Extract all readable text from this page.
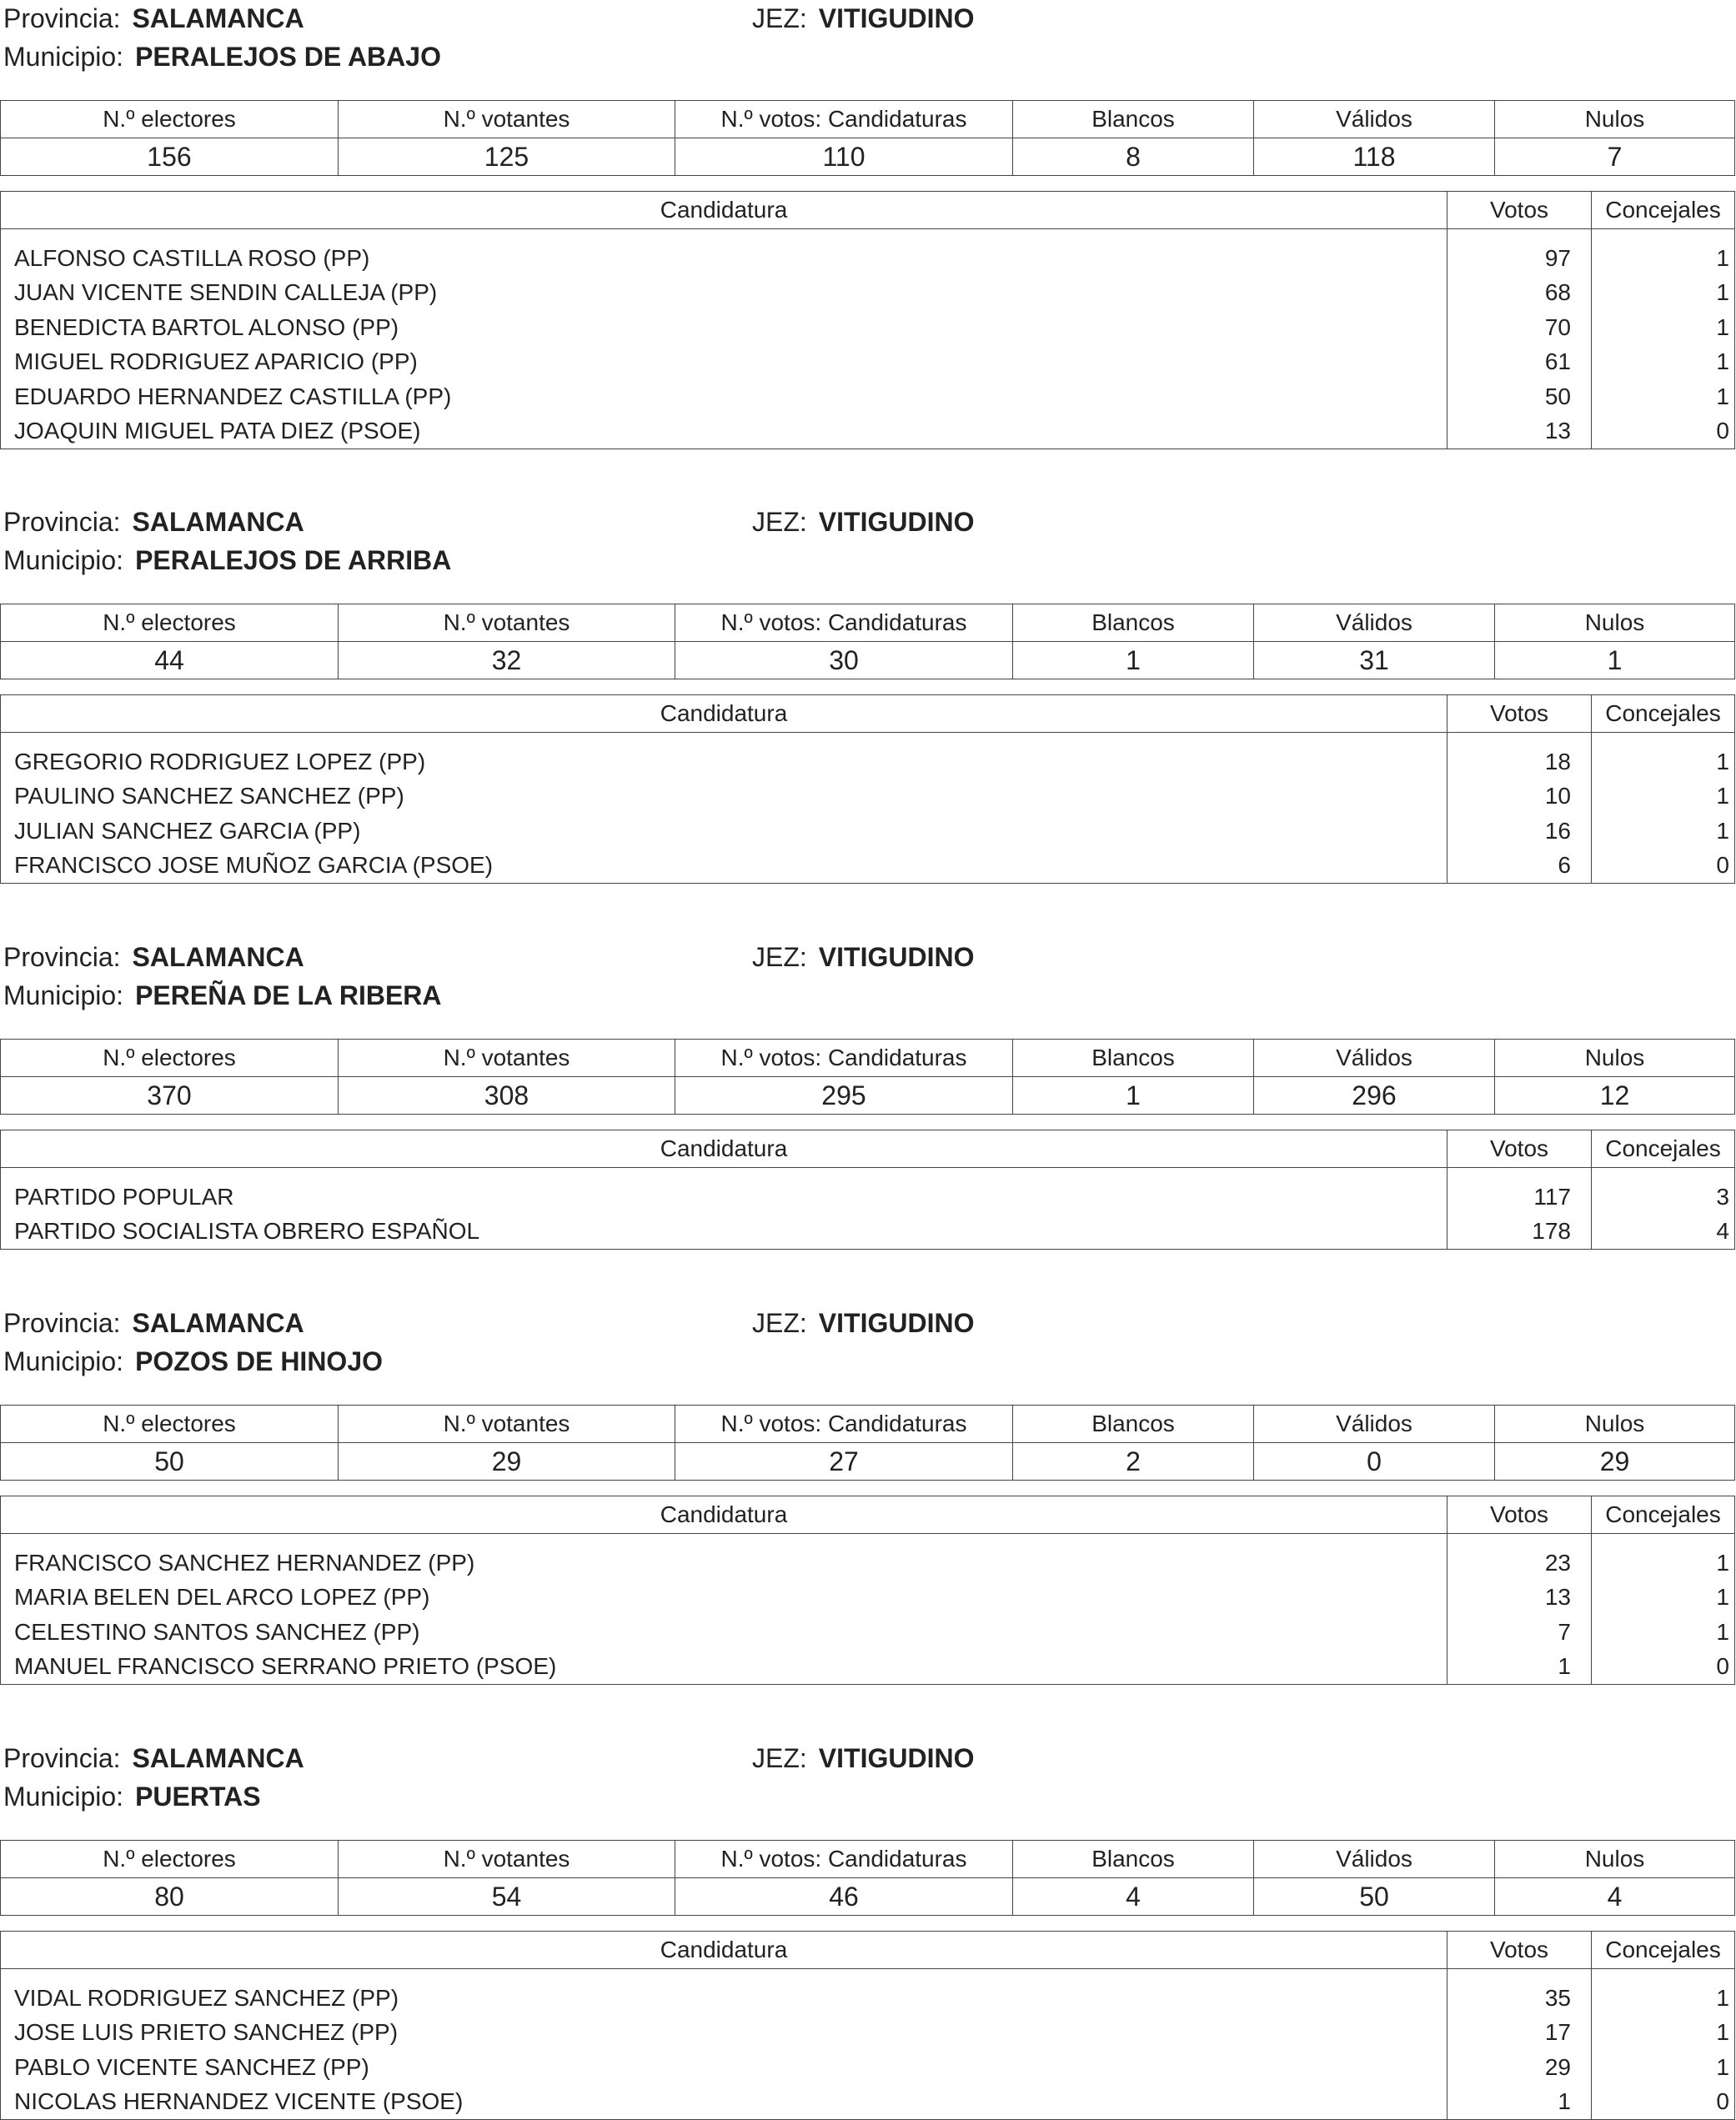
Provincia: SALAMANCA	JEZ: VITIGUDINO
Municipio: PERALEJOS DE ABAJO
N.º electores	N.º votantes	N.º votos: Candidaturas	Blancos	Válidos	Nulos
156	125	110	8	118	7
Candidatura	Votos	Concejales
ALFONSO CASTILLA ROSO (PP)	97	1
JUAN VICENTE SENDIN CALLEJA (PP)	68	1
BENEDICTA BARTOL ALONSO (PP)	70	1
MIGUEL RODRIGUEZ APARICIO (PP)	61	1
EDUARDO HERNANDEZ CASTILLA (PP)	50	1
JOAQUIN MIGUEL PATA DIEZ (PSOE)	13	0
Provincia: SALAMANCA	JEZ: VITIGUDINO
Municipio: PERALEJOS DE ARRIBA
N.º electores	N.º votantes	N.º votos: Candidaturas	Blancos	Válidos	Nulos
44	32	30	1	31	1
Candidatura	Votos	Concejales
GREGORIO RODRIGUEZ LOPEZ (PP)	18	1
PAULINO SANCHEZ SANCHEZ (PP)	10	1
JULIAN SANCHEZ GARCIA (PP)	16	1
FRANCISCO JOSE MUÑOZ GARCIA (PSOE)	6	0
Provincia: SALAMANCA	JEZ: VITIGUDINO
Municipio: PEREÑA DE LA RIBERA
N.º electores	N.º votantes	N.º votos: Candidaturas	Blancos	Válidos	Nulos
370	308	295	1	296	12
Candidatura	Votos	Concejales
PARTIDO POPULAR	117	3
PARTIDO SOCIALISTA OBRERO ESPAÑOL	178	4
Provincia: SALAMANCA	JEZ: VITIGUDINO
Municipio: POZOS DE HINOJO
N.º electores	N.º votantes	N.º votos: Candidaturas	Blancos	Válidos	Nulos
50	29	27	2	0	29
Candidatura	Votos	Concejales
FRANCISCO SANCHEZ HERNANDEZ (PP)	23	1
MARIA BELEN DEL ARCO LOPEZ (PP)	13	1
CELESTINO SANTOS SANCHEZ (PP)	7	1
MANUEL FRANCISCO SERRANO PRIETO (PSOE)	1	0
Provincia: SALAMANCA	JEZ: VITIGUDINO
Municipio: PUERTAS
N.º electores	N.º votantes	N.º votos: Candidaturas	Blancos	Válidos	Nulos
80	54	46	4	50	4
Candidatura	Votos	Concejales
VIDAL RODRIGUEZ SANCHEZ (PP)	35	1
JOSE LUIS PRIETO SANCHEZ (PP)	17	1
PABLO VICENTE SANCHEZ (PP)	29	1
NICOLAS HERNANDEZ VICENTE (PSOE)	1	0
